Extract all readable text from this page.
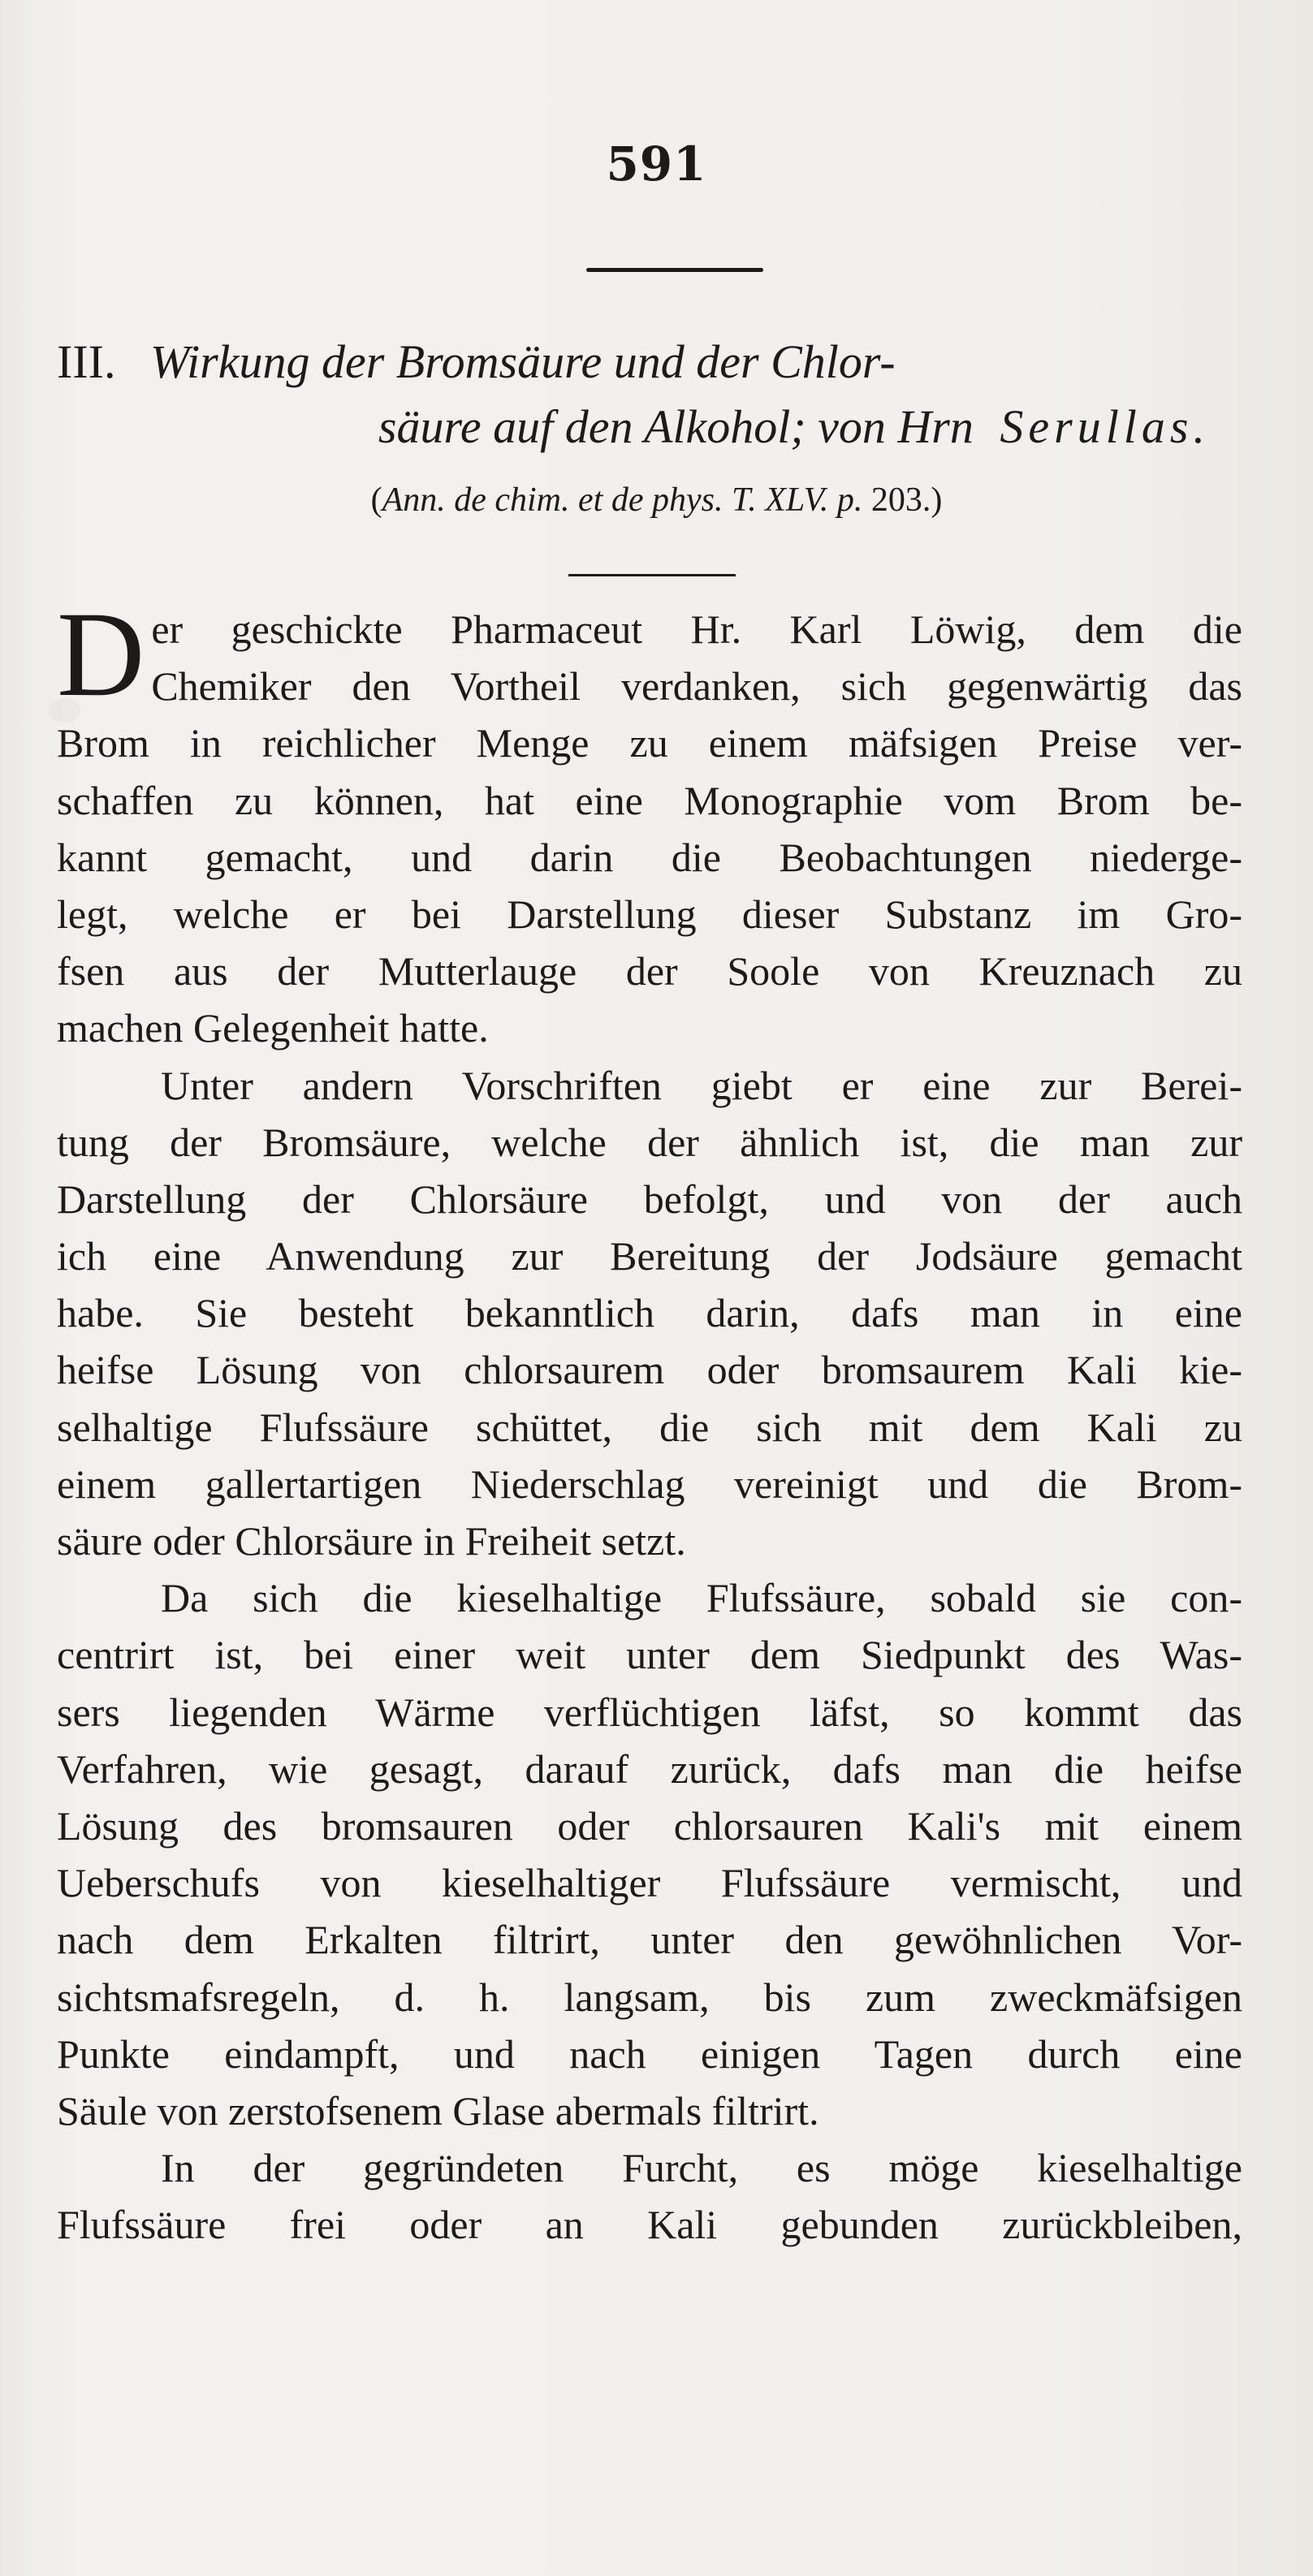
591
III. Wirkung der Bromsäure und der Chlor-
säure auf den Alkohol; von Hrn Serullas.
(Ann. de chim. et de phys. T. XLV. p. 203.)
D er geschickte Pharmaceut Hr. Karl Löwig, dem die
Chemiker den Vortheil verdanken, sich gegenwärtig das
Brom in reichlicher Menge zu einem mäfsigen Preise ver-
schaffen zu können, hat eine Monographie vom Brom be-
kannt gemacht, und darin die Beobachtungen niederge-
legt, welche er bei Darstellung dieser Substanz im Gro-
fsen aus der Mutterlauge der Soole von Kreuznach zu
machen Gelegenheit hatte.
Unter andern Vorschriften giebt er eine zur Berei-
tung der Bromsäure, welche der ähnlich ist, die man zur
Darstellung der Chlorsäure befolgt, und von der auch
ich eine Anwendung zur Bereitung der Jodsäure gemacht
habe. Sie besteht bekanntlich darin, dafs man in eine
heifse Lösung von chlorsaurem oder bromsaurem Kali kie-
selhaltige Flufssäure schüttet, die sich mit dem Kali zu
einem gallertartigen Niederschlag vereinigt und die Brom-
säure oder Chlorsäure in Freiheit setzt.
Da sich die kieselhaltige Flufssäure, sobald sie con-
centrirt ist, bei einer weit unter dem Siedpunkt des Was-
sers liegenden Wärme verflüchtigen läfst, so kommt das
Verfahren, wie gesagt, darauf zurück, dafs man die heifse
Lösung des bromsauren oder chlorsauren Kali's mit einem
Ueberschufs von kieselhaltiger Flufssäure vermischt, und
nach dem Erkalten filtrirt, unter den gewöhnlichen Vor-
sichtsmafsregeln, d. h. langsam, bis zum zweckmäfsigen
Punkte eindampft, und nach einigen Tagen durch eine
Säule von zerstofsenem Glase abermals filtrirt.
In der gegründeten Furcht, es möge kieselhaltige
Flufssäure frei oder an Kali gebunden zurückbleiben,
